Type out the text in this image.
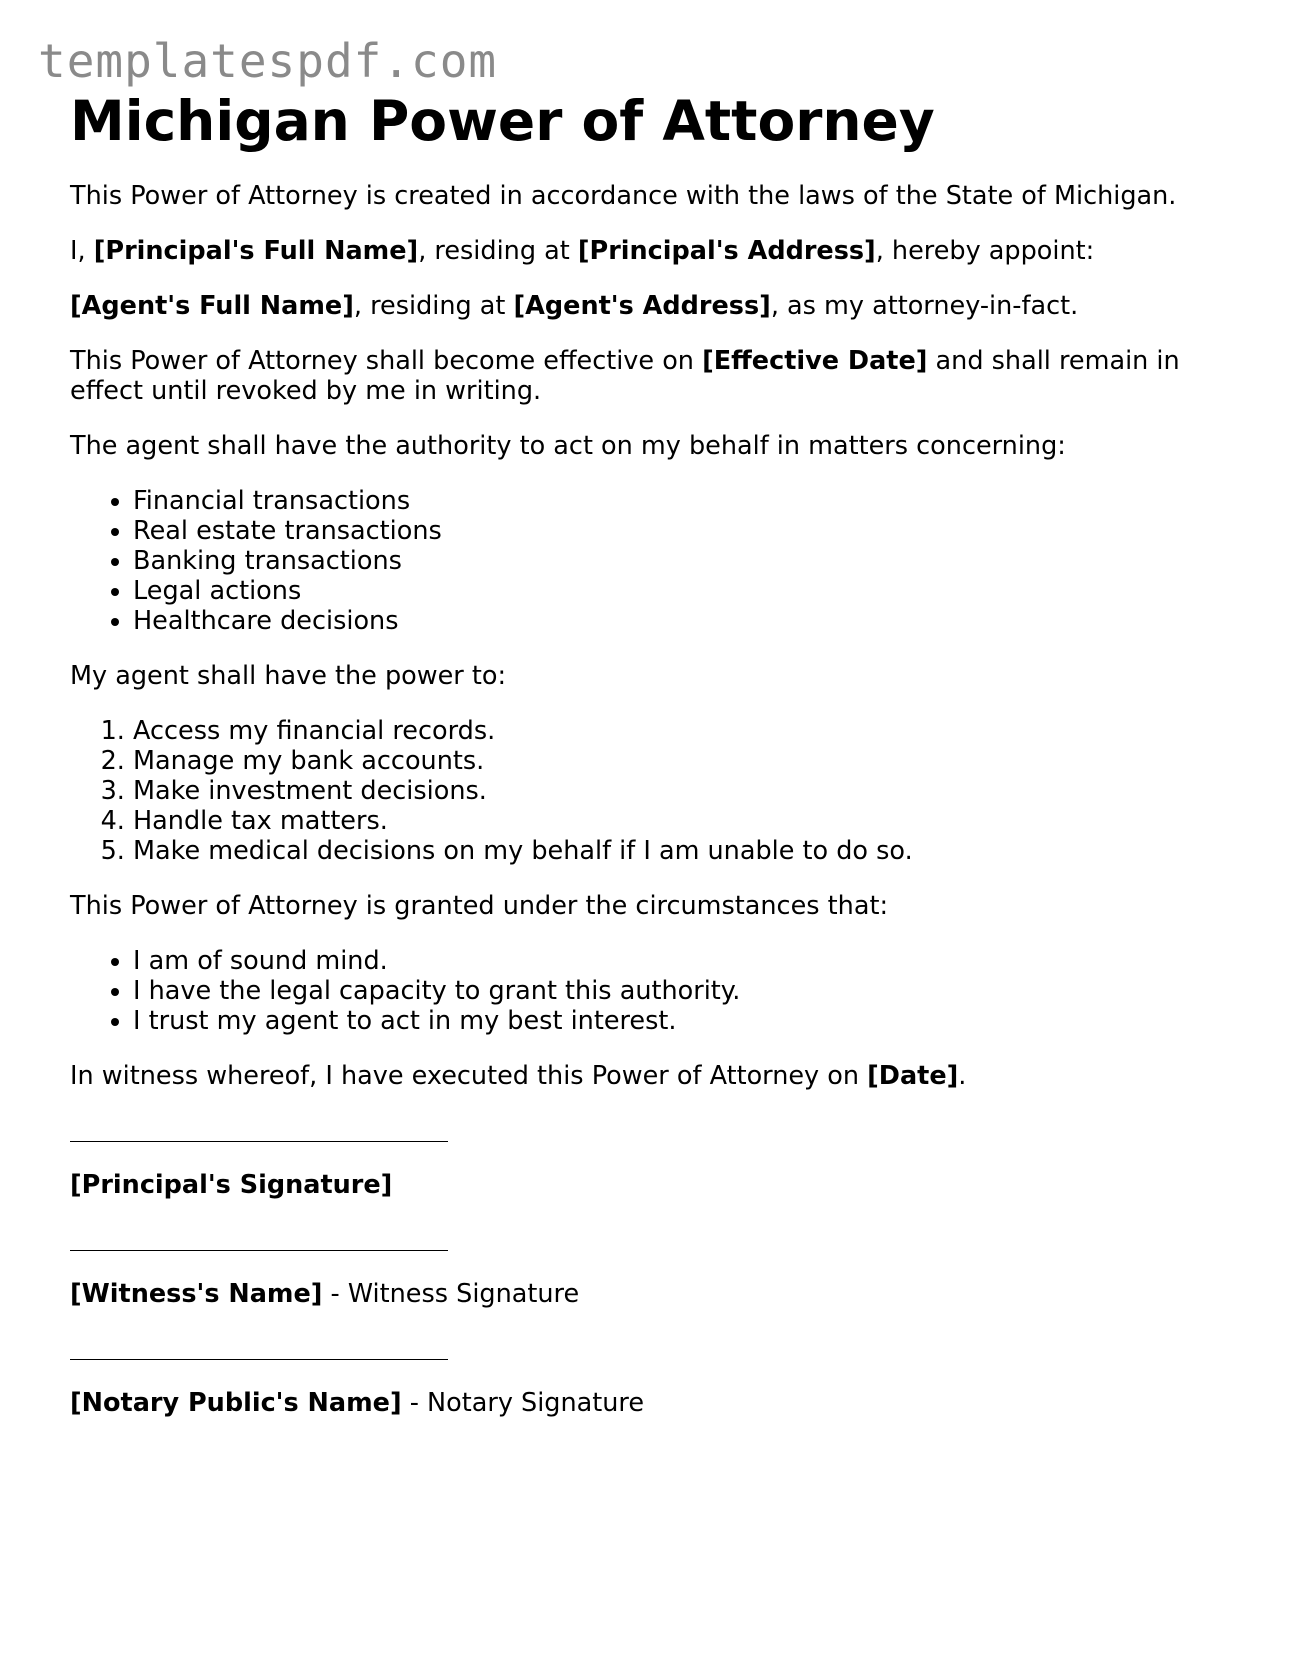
templatespdf.com
Michigan Power of Attorney

This Power of Attorney is created in accordance with the laws of the State of Michigan.

I, [Principal's Full Name], residing at [Principal's Address], hereby appoint:

[Agent's Full Name], residing at [Agent's Address], as my attorney-in-fact.

This Power of Attorney shall become effective on [Effective Date] and shall remain in effect until revoked by me in writing.

The agent shall have the authority to act on my behalf in matters concerning:

• Financial transactions
• Real estate transactions
• Banking transactions
• Legal actions
• Healthcare decisions

My agent shall have the power to:

1. Access my financial records.
2. Manage my bank accounts.
3. Make investment decisions.
4. Handle tax matters.
5. Make medical decisions on my behalf if I am unable to do so.

This Power of Attorney is granted under the circumstances that:

• I am of sound mind.
• I have the legal capacity to grant this authority.
• I trust my agent to act in my best interest.

In witness whereof, I have executed this Power of Attorney on [Date].

[Principal's Signature]

[Witness's Name] - Witness Signature

[Notary Public's Name] - Notary Signature
